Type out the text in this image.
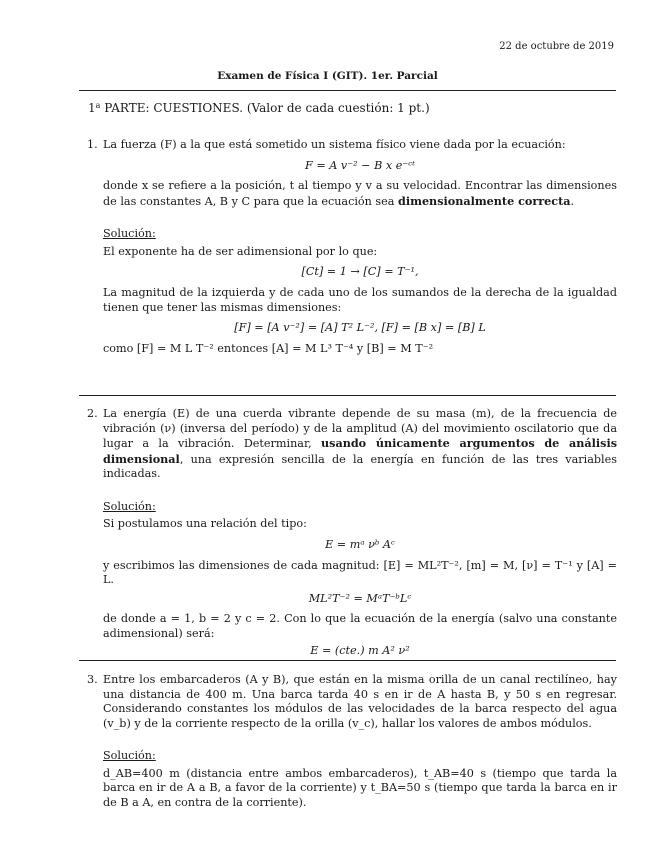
22 de octubre de 2019
Examen de Física I (GIT). 1er. Parcial
1$^a$ PARTE: CUESTIONES. (Valor de cada cuestión: 1 pt.)
1. La fuerza (F) a la que está sometido un sistema físico viene dada por la ecuación:

F = A v⁻² − B x e⁻ᶜᵗ

donde x se refiere a la posición, t al tiempo y v a su velocidad. Encontrar las dimensiones de las constantes A, B y C para que la ecuación sea dimensionalmente correcta.

Solución:

El exponente ha de ser adimensional por lo que:

[Ct] = 1 → [C] = T⁻¹,

La magnitud de la izquierda y de cada uno de los sumandos de la derecha de la igualdad tienen que tener las mismas dimensiones:

[F] = [A v⁻²] = [A] T² L⁻², [F] = [B x] = [B] L

como [F] = M L T⁻² entonces [A] = M L³ T⁻⁴ y [B] = M T⁻²

2. La energía (E) de una cuerda vibrante depende de su masa (m), de la frecuencia de vibración (ν) (inversa del período) y de la amplitud (A) del movimiento oscilatorio que da lugar a la vibración. Determinar, usando únicamente argumentos de análisis dimensional, una expresión sencilla de la energía en función de las tres variables indicadas.

Solución:

Si postulamos una relación del tipo:

E = mᵃ νᵇ Aᶜ

y escribimos las dimensiones de cada magnitud: [E] = ML²T⁻², [m] = M, [ν] = T⁻¹ y [A] = L.

ML²T⁻² = MᵃT⁻ᵇLᶜ

de donde a = 1, b = 2 y c = 2. Con lo que la ecuación de la energía (salvo una constante adimensional) será:

E = (cte.) m A² ν²

3. Entre los embarcaderos (A y B), que están en la misma orilla de un canal rectilíneo, hay una distancia de 400 m. Una barca tarda 40 s en ir de A hasta B, y 50 s en regresar. Considerando constantes los módulos de las velocidades de la barca respecto del agua (v_b) y de la corriente respecto de la orilla (v_c), hallar los valores de ambos módulos.

Solución:

d_AB=400 m (distancia entre ambos embarcaderos), t_AB=40 s (tiempo que tarda la barca en ir de A a B, a favor de la corriente) y t_BA=50 s (tiempo que tarda la barca en ir de B a A, en contra de la corriente).
